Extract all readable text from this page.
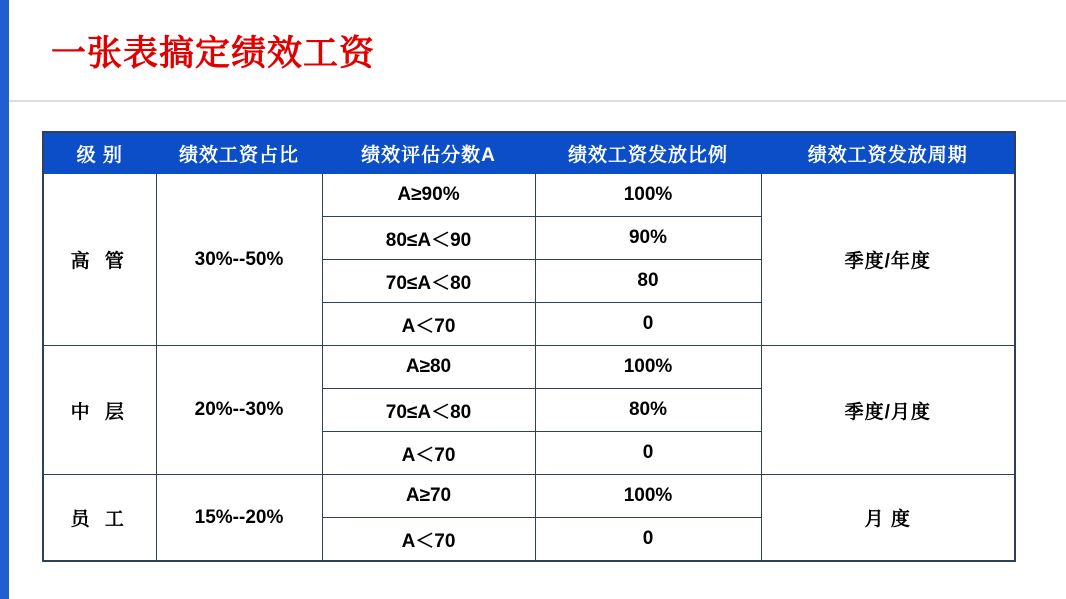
一张表搞定绩效工资
级 别	绩效工资占比	绩效评估分数A	绩效工资发放比例	绩效工资发放周期
高 管	30%--50%	A≥90%	100%	季度/年度
		80≤A＜90	90%	
		70≤A＜80	80	
		A＜70	0	
中 层	20%--30%	A≥80	100%	季度/月度
		70≤A＜80	80%	
		A＜70	0	
员 工	15%--20%	A≥70	100%	月 度
		A＜70	0	
